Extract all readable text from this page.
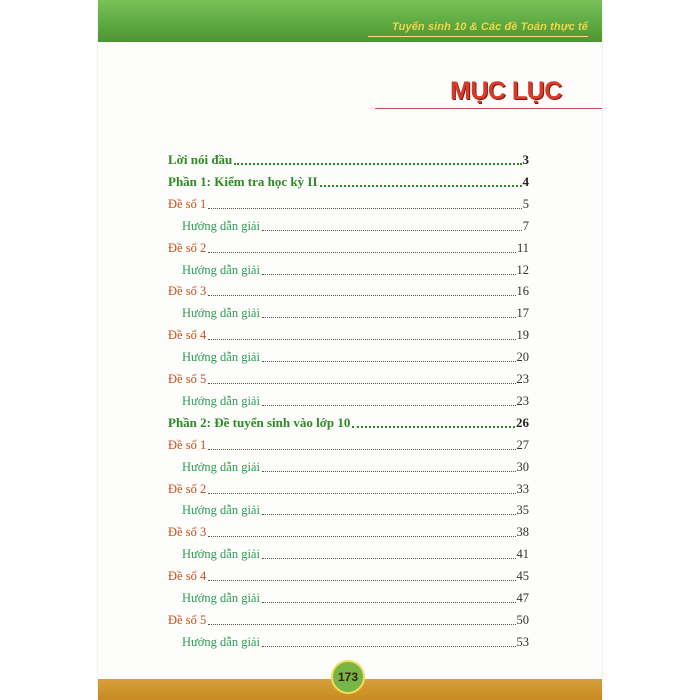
Tuyển sinh 10 & Các đề Toán thực tế
MỤC LỤC
Lời nói đầu	3
Phần 1: Kiểm tra học kỳ II	4
Đề số 1	5
Hướng dẫn giải	7
Đề số 2	11
Hướng dẫn giải	12
Đề số 3	16
Hướng dẫn giải	17
Đề số 4	19
Hướng dẫn giải	20
Đề số 5	23
Hướng dẫn giải	23
Phần 2: Đề tuyển sinh vào lớp 10	26
Đề số 1	27
Hướng dẫn giải	30
Đề số 2	33
Hướng dẫn giải	35
Đề số 3	38
Hướng dẫn giải	41
Đề số 4	45
Hướng dẫn giải	47
Đề số 5	50
Hướng dẫn giải	53
173
